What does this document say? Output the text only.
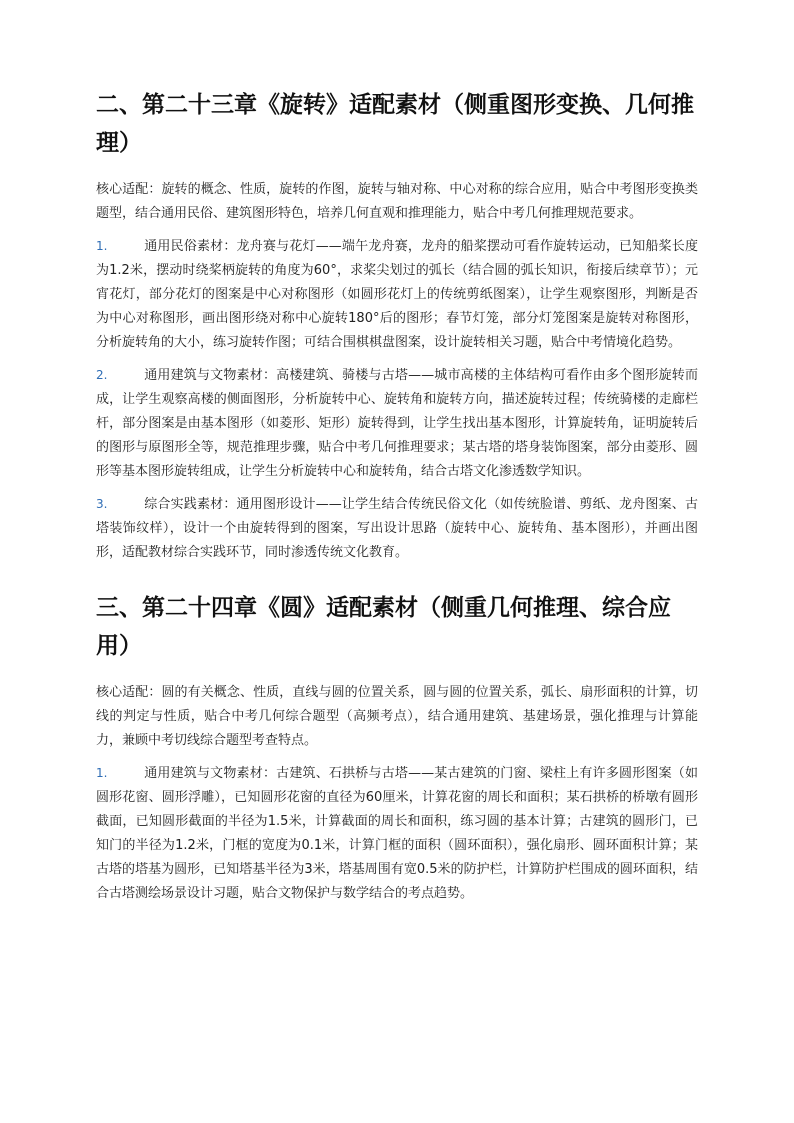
二、第二十三章《旋转》适配素材（侧重图形变换、几何推理）

核心适配：旋转的概念、性质，旋转的作图，旋转与轴对称、中心对称的综合应用，贴合中考图形变换类题型，结合通用民俗、建筑图形特色，培养几何直观和推理能力，贴合中考几何推理规范要求。

1.	通用民俗素材：龙舟赛与花灯——端午龙舟赛，龙舟的船桨摆动可看作旋转运动，已知船桨长度为1.2米，摆动时绕桨柄旋转的角度为60°，求桨尖划过的弧长（结合圆的弧长知识，衔接后续章节）；元宵花灯，部分花灯的图案是中心对称图形（如圆形花灯上的传统剪纸图案），让学生观察图形，判断是否为中心对称图形，画出图形绕对称中心旋转180°后的图形；春节灯笼，部分灯笼图案是旋转对称图形，分析旋转角的大小，练习旋转作图；可结合围棋棋盘图案，设计旋转相关习题，贴合中考情境化趋势。
2.	通用建筑与文物素材：高楼建筑、骑楼与古塔——城市高楼的主体结构可看作由多个图形旋转而成，让学生观察高楼的侧面图形，分析旋转中心、旋转角和旋转方向，描述旋转过程；传统骑楼的走廊栏杆，部分图案是由基本图形（如菱形、矩形）旋转得到，让学生找出基本图形，计算旋转角，证明旋转后的图形与原图形全等，规范推理步骤，贴合中考几何推理要求；某古塔的塔身装饰图案，部分由菱形、圆形等基本图形旋转组成，让学生分析旋转中心和旋转角，结合古塔文化渗透数学知识。
3.	综合实践素材：通用图形设计——让学生结合传统民俗文化（如传统脸谱、剪纸、龙舟图案、古塔装饰纹样），设计一个由旋转得到的图案，写出设计思路（旋转中心、旋转角、基本图形），并画出图形，适配教材综合实践环节，同时渗透传统文化教育。
三、第二十四章《圆》适配素材（侧重几何推理、综合应用）

核心适配：圆的有关概念、性质，直线与圆的位置关系，圆与圆的位置关系，弧长、扇形面积的计算，切线的判定与性质，贴合中考几何综合题型（高频考点），结合通用建筑、基建场景，强化推理与计算能力，兼顾中考切线综合题型考查特点。

1.	通用建筑与文物素材：古建筑、石拱桥与古塔——某古建筑的门窗、梁柱上有许多圆形图案（如圆形花窗、圆形浮雕），已知圆形花窗的直径为60厘米，计算花窗的周长和面积；某石拱桥的桥墩有圆形截面，已知圆形截面的半径为1.5米，计算截面的周长和面积，练习圆的基本计算；古建筑的圆形门，已知门的半径为1.2米，门框的宽度为0.1米，计算门框的面积（圆环面积），强化扇形、圆环面积计算；某古塔的塔基为圆形，已知塔基半径为3米，塔基周围有宽0.5米的防护栏，计算防护栏围成的圆环面积，结合古塔测绘场景设计习题，贴合文物保护与数学结合的考点趋势。
